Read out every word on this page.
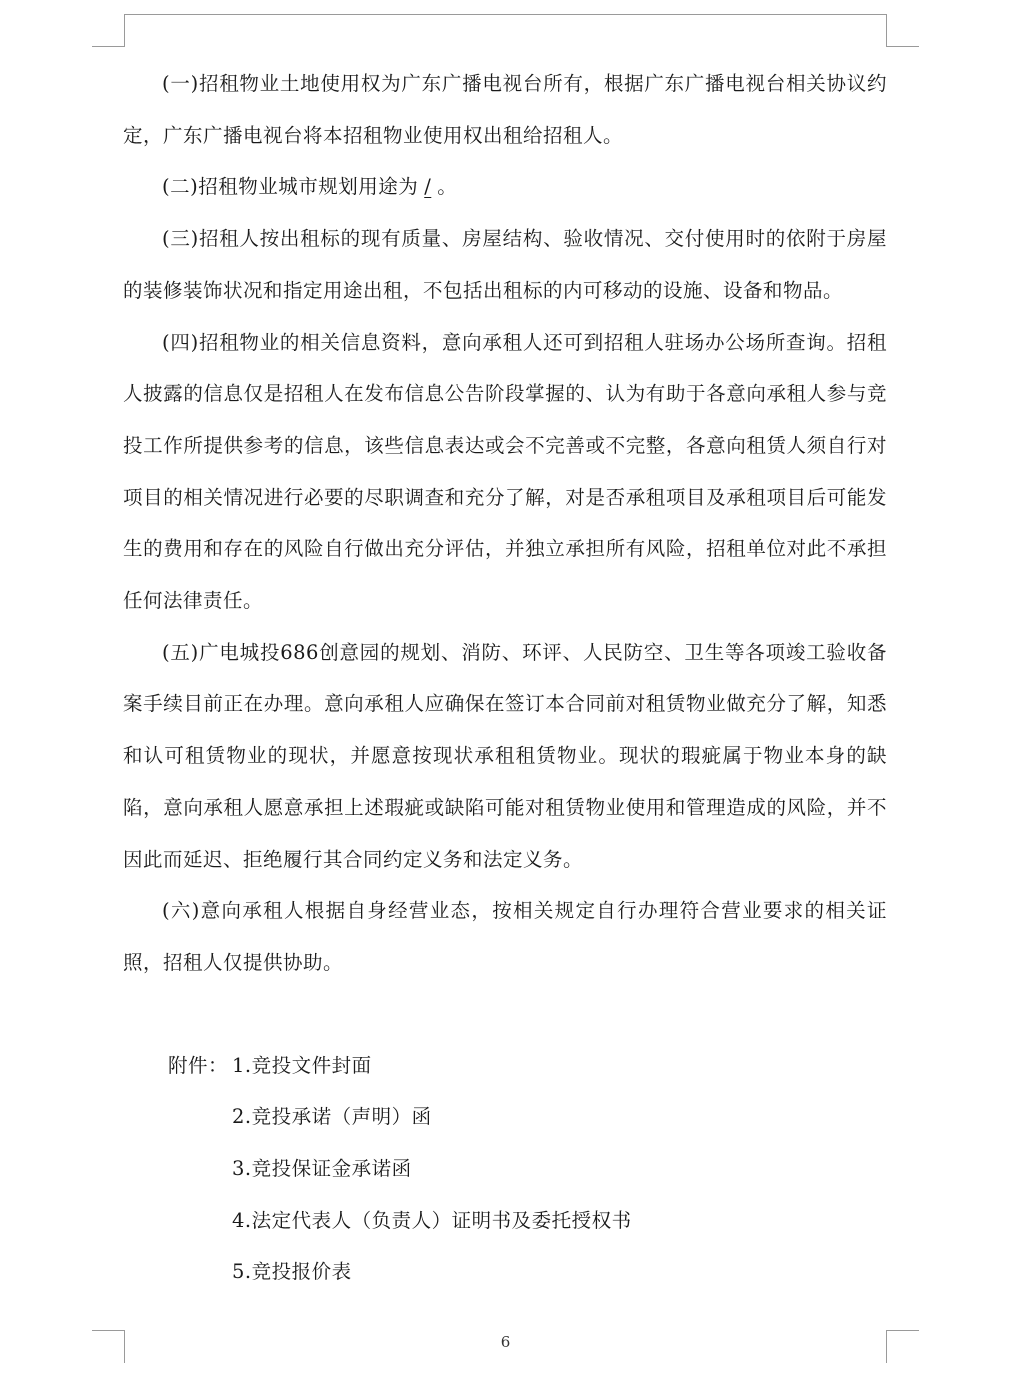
(一)招租物业土地使用权为广东广播电视台所有，根据广东广播电视台相关协议约定，广东广播电视台将本招租物业使用权出租给招租人。

(二)招租物业城市规划用途为 / 。

(三)招租人按出租标的现有质量、房屋结构、验收情况、交付使用时的依附于房屋的装修装饰状况和指定用途出租，不包括出租标的内可移动的设施、设备和物品。

(四)招租物业的相关信息资料，意向承租人还可到招租人驻场办公场所查询。招租人披露的信息仅是招租人在发布信息公告阶段掌握的、认为有助于各意向承租人参与竞投工作所提供参考的信息，该些信息表达或会不完善或不完整，各意向租赁人须自行对项目的相关情况进行必要的尽职调查和充分了解，对是否承租项目及承租项目后可能发生的费用和存在的风险自行做出充分评估，并独立承担所有风险，招租单位对此不承担任何法律责任。

(五)广电城投686创意园的规划、消防、环评、人民防空、卫生等各项竣工验收备案手续目前正在办理。意向承租人应确保在签订本合同前对租赁物业做充分了解，知悉和认可租赁物业的现状，并愿意按现状承租租赁物业。现状的瑕疵属于物业本身的缺陷，意向承租人愿意承担上述瑕疵或缺陷可能对租赁物业使用和管理造成的风险，并不因此而延迟、拒绝履行其合同约定义务和法定义务。

(六)意向承租人根据自身经营业态，按相关规定自行办理符合营业要求的相关证照，招租人仅提供协助。

附件： 1.竞投文件封面
2.竞投承诺（声明）函
3.竞投保证金承诺函
4.法定代表人（负责人）证明书及委托授权书
5.竞投报价表
6
